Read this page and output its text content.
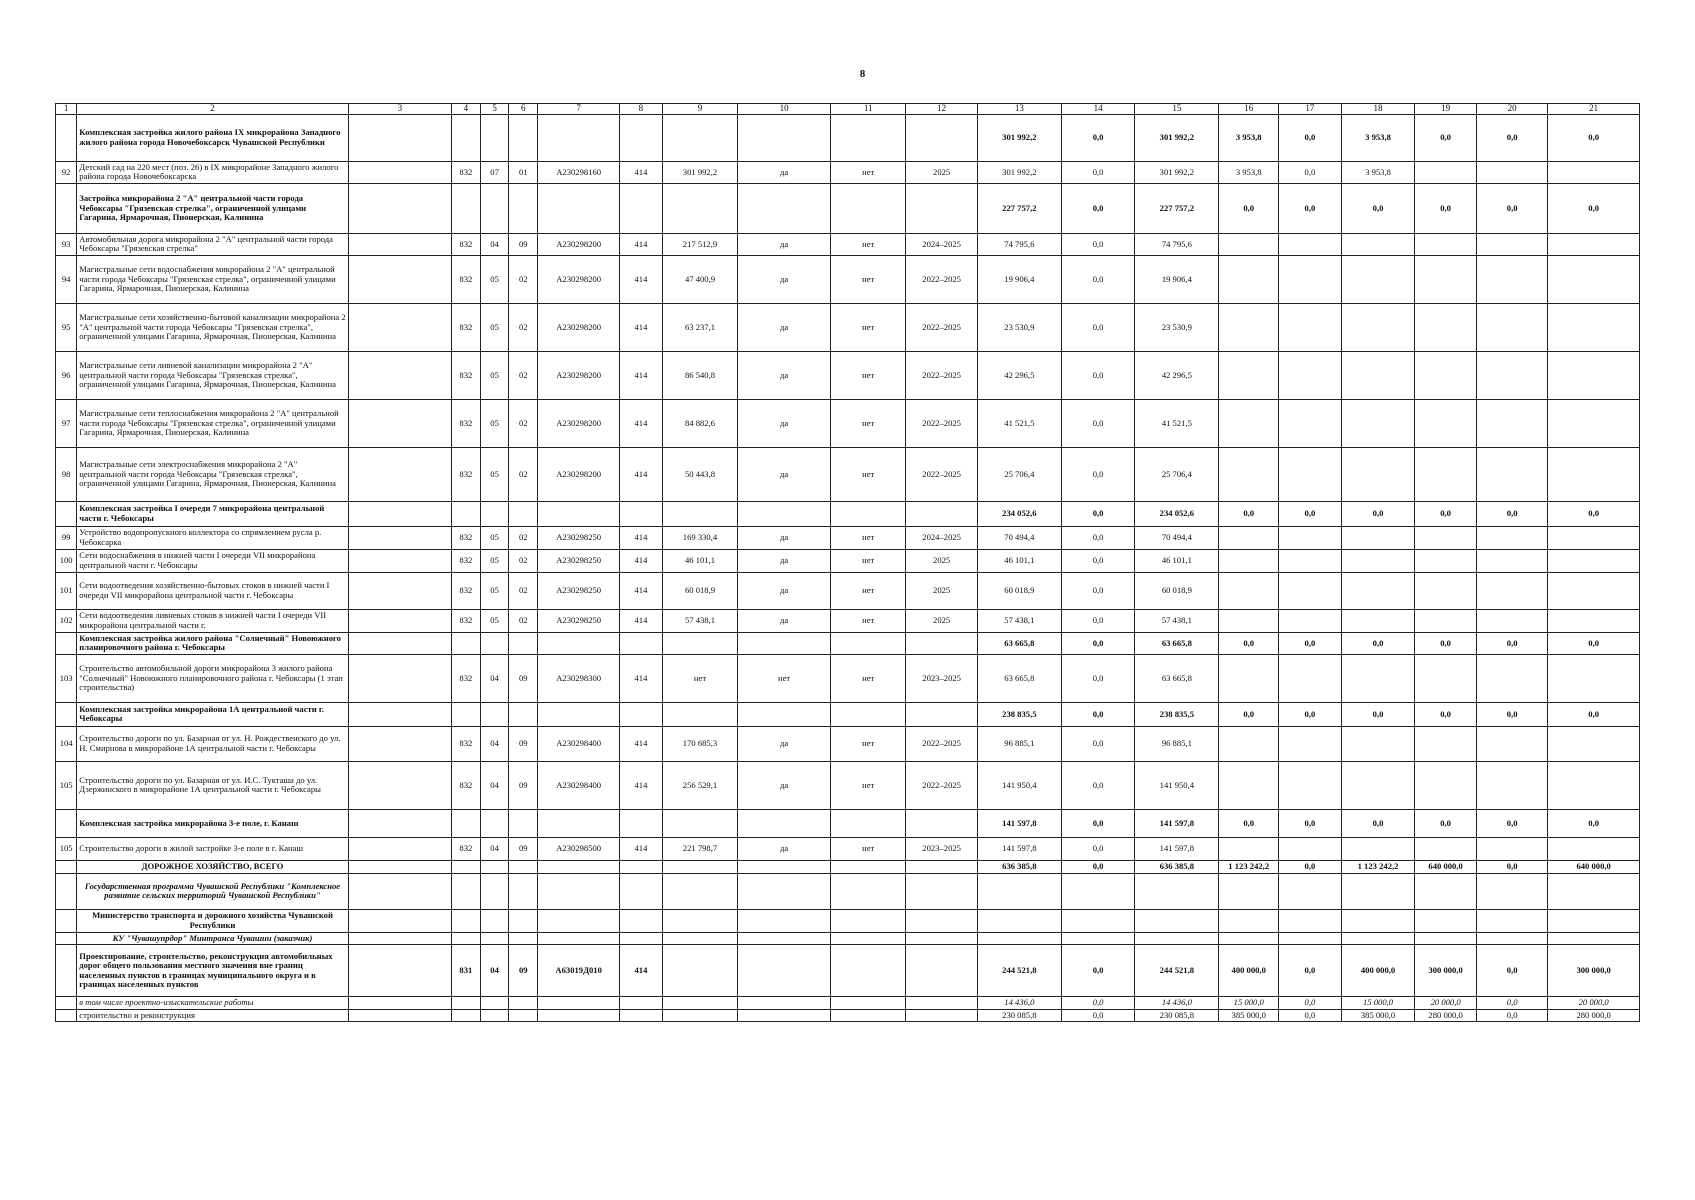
8
1	2	3	4	5	6	7	8	9	10	11	12	13	14	15	16	17	18	19	20	21
	Комплексная застройка жилого района IX микрорайона Западного жилого района города Новочебоксарск Чувашской Республики											301 992,2	0,0	301 992,2	3 953,8	0,0	3 953,8	0,0	0,0	0,0
92	Детский сад на 220 мест (поз. 26) в IX микрорайоне Западного жилого района города Новочебоксарска		832	07	01	А230298160	414	301 992,2	да	нет	2025	301 992,2	0,0	301 992,2	3 953,8	0,0	3 953,8			
	Застройка микрорайона 2 "А" центральной части города Чебоксары "Грязевская стрелка", ограниченной улицами Гагарина, Ярмарочная, Пионерская, Калинина											227 757,2	0,0	227 757,2	0,0	0,0	0,0	0,0	0,0	0,0
93	Автомобильная дорога микрорайона 2 "А" центральной части города Чебоксары "Грязевская стрелка"		832	04	09	А230298200	414	217 512,9	да	нет	2024–2025	74 795,6	0,0	74 795,6						
94	Магистральные сети водоснабжения микрорайона 2 "А" центральной части города Чебоксары "Грязевская стрелка", ограниченной улицами Гагарина, Ярмарочная, Пионерская, Калинина		832	05	02	А230298200	414	47 400,9	да	нет	2022–2025	19 906,4	0,0	19 906,4						
95	Магистральные сети хозяйственно-бытовой канализации микрорайона 2 "А" центральной части города Чебоксары "Грязевская стрелка", ограниченной улицами Гагарина, Ярмарочная, Пионерская, Калинина		832	05	02	А230298200	414	63 237,1	да	нет	2022–2025	23 530,9	0,0	23 530,9						
96	Магистральные сети ливневой канализации микрорайона 2 "А" центральной части города Чебоксары "Грязевская стрелка", ограниченной улицами Гагарина, Ярмарочная, Пионерская, Калинина		832	05	02	А230298200	414	86 540,8	да	нет	2022–2025	42 296,5	0,0	42 296,5						
97	Магистральные сети теплоснабжения микрорайона 2 "А" центральной части города Чебоксары "Грязевская стрелка", ограниченной улицами Гагарина, Ярмарочная, Пионерская, Калинина		832	05	02	А230298200	414	84 882,6	да	нет	2022–2025	41 521,5	0,0	41 521,5						
98	Магистральные сети электроснабжения микрорайона 2 "А" центральной части города Чебоксары "Грязевская стрелка", ограниченной улицами Гагарина, Ярмарочная, Пионерская, Калинина		832	05	02	А230298200	414	50 443,8	да	нет	2022–2025	25 706,4	0,0	25 706,4						
	Комплексная застройка I очереди 7 микрорайона центральной части г. Чебоксары											234 052,6	0,0	234 052,6	0,0	0,0	0,0	0,0	0,0	0,0
99	Устройство водопропускного коллектора со спрямлением русла р. Чебоксарка		832	05	02	А230298250	414	169 330,4	да	нет	2024–2025	70 494,4	0,0	70 494,4						
100	Сети водоснабжения в нижней части I очереди VII микрорайона центральной части г. Чебоксары		832	05	02	А230298250	414	46 101,1	да	нет	2025	46 101,1	0,0	46 101,1						
101	Сети водоотведения хозяйственно-бытовых стоков в нижней части I очереди VII микрорайона центральной части г. Чебоксары		832	05	02	А230298250	414	60 018,9	да	нет	2025	60 018,9	0,0	60 018,9						
102	Сети водоотведения ливневых стоков в нижней части I очереди VII микрорайона центральной части г.		832	05	02	А230298250	414	57 438,1	да	нет	2025	57 438,1	0,0	57 438,1						
	Комплексная застройка жилого района "Солнечный" Новоюжного планировочного района г. Чебоксары											63 665,8	0,0	63 665,8	0,0	0,0	0,0	0,0	0,0	0,0
103	Строительство автомобильной дороги микрорайона 3 жилого района "Солнечный" Новоюжного планировочного района г. Чебоксары (1 этап строительства)		832	04	09	А230298300	414	нет	нет	нет	2023–2025	63 665,8	0,0	63 665,8						
	Комплексная застройка микрорайона 1А центральной части г. Чебоксары											238 835,5	0,0	238 835,5	0,0	0,0	0,0	0,0	0,0	0,0
104	Строительство дороги по ул. Базарная от ул. Н. Рождественского до ул. Н. Смирнова в микрорайоне 1А центральной части г. Чебоксары		832	04	09	А230298400	414	170 685,3	да	нет	2022–2025	96 885,1	0,0	96 885,1						
105	Строительство дороги по ул. Базарная от ул. И.С. Тукташа до ул. Дзержинского в микрорайоне 1А центральной части г. Чебоксары		832	04	09	А230298400	414	256 529,1	да	нет	2022–2025	141 950,4	0,0	141 950,4						
	Комплексная застройка микрорайона 3-е поле, г. Канаш											141 597,8	0,0	141 597,8	0,0	0,0	0,0	0,0	0,0	0,0
105	Строительство дороги в жилой застройке 3-е поле в г. Канаш		832	04	09	А230298500	414	221 798,7	да	нет	2023–2025	141 597,8	0,0	141 597,8						
	ДОРОЖНОЕ ХОЗЯЙСТВО, ВСЕГО											636 385,8	0,0	636 385,8	1 123 242,2	0,0	1 123 242,2	640 000,0	0,0	640 000,0
	Государственная программа Чувашской Республики "Комплексное развитие сельских территорий Чувашской Республики"																			
	Министерство транспорта и дорожного хозяйства Чувашской Республики																			
	КУ "Чувашупрдор" Минтранса Чувашии (заказчик)																			
	Проектирование, строительство, реконструкция автомобильных дорог общего пользования местного значения вне границ населенных пунктов в границах муниципального округа и в границах населенных пунктов		831	04	09	А63019Д010	414					244 521,8	0,0	244 521,8	400 000,0	0,0	400 000,0	300 000,0	0,0	300 000,0
	в том числе проектно-изыскательские работы											14 436,0	0,0	14 436,0	15 000,0	0,0	15 000,0	20 000,0	0,0	20 000,0
	строительство и реконструкция											230 085,8	0,0	230 085,8	385 000,0	0,0	385 000,0	280 000,0	0,0	280 000,0
